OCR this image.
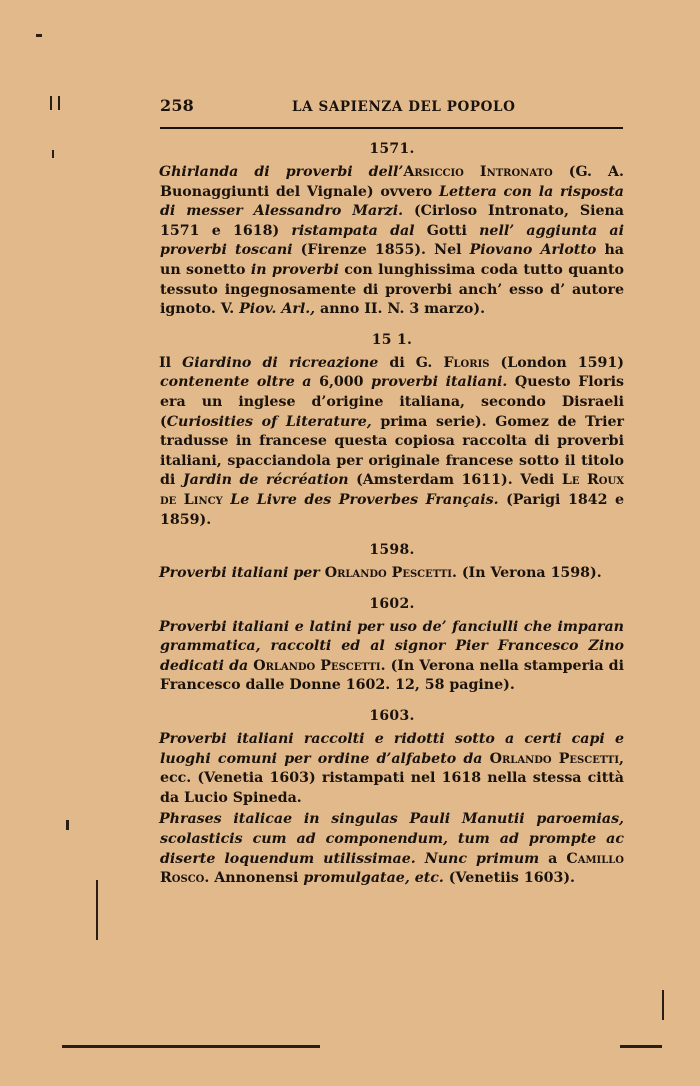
258	LA SAPIENZA DEL POPOLO
1571.

Ghirlanda di proverbi dell’Arsiccio Intronato (G. A. Buonaggiunti del Vignale) ovvero Lettera con la risposta di messer Alessandro Marzi. (Cirloso Intronato, Siena 1571 e 1618) ristampata dal Gotti nell’ aggiunta ai proverbi toscani (Firenze 1855). Nel Piovano Arlotto ha un sonetto in proverbi con lunghissima coda tutto quanto tessuto ingegnosamente di proverbi anch’ esso d’ autore ignoto. V. Piov. Arl., anno II. N. 3 marzo).

15 1.

Il Giardino di ricreazione di G. Floris (London 1591) contenente oltre a 6,000 proverbi italiani. Questo Floris era un inglese d’origine italiana, secondo Disraeli (Curiosities of Literature, prima serie). Gomez de Trier tradusse in francese questa copiosa raccolta di proverbi italiani, spacciandola per originale francese sotto il titolo di Jardin de récréation (Amsterdam 1611). Vedi Le Roux de Lincy Le Livre des Proverbes Français. (Parigi 1842 e 1859).

1598.

Proverbi italiani per Orlando Pescetti. (In Verona 1598).

1602.

Proverbi italiani e latini per uso de’ fanciulli che imparan grammatica, raccolti ed al signor Pier Francesco Zino dedicati da Orlando Pescetti. (In Verona nella stamperia di Francesco dalle Donne 1602. 12, 58 pagine).

1603.

Proverbi italiani raccolti e ridotti sotto a certi capi e luoghi comuni per ordine d’alfabeto da Orlando Pescetti, ecc. (Venetia 1603) ristampati nel 1618 nella stessa città da Lucio Spineda.

Phrases italicae in singulas Pauli Manutii paroemias, scolasticis cum ad componendum, tum ad prompte ac diserte loquendum utilissimae. Nunc primum a Camillo Rosco. Annonensi promulgatae, etc. (Venetiis 1603).
